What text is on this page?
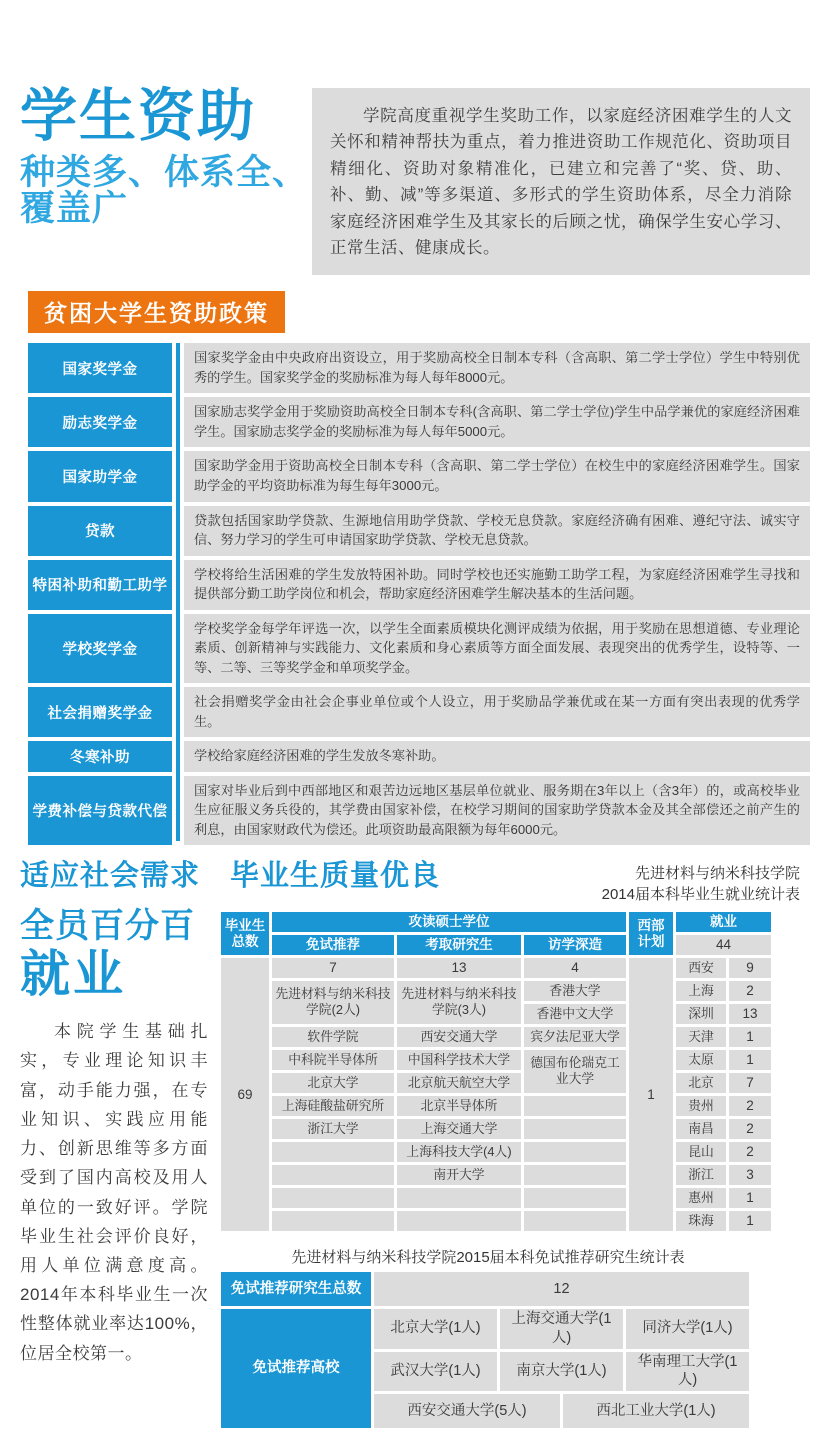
学生资助
种类多、体系全、覆盖广

学院高度重视学生奖助工作，以家庭经济困难学生的人文关怀和精神帮扶为重点，着力推进资助工作规范化、资助项目精细化、资助对象精准化，已建立和完善了“奖、贷、助、补、勤、减”等多渠道、多形式的学生资助体系，尽全力消除家庭经济困难学生及其家长的后顾之忧，确保学生安心学习、正常生活、健康成长。

贫困大学生资助政策
国家奖学金
国家奖学金由中央政府出资设立，用于奖励高校全日制本专科（含高职、第二学士学位）学生中特别优秀的学生。国家奖学金的奖励标准为每人每年8000元。
励志奖学金
国家励志奖学金用于奖励资助高校全日制本专科(含高职、第二学士学位)学生中品学兼优的家庭经济困难学生。国家励志奖学金的奖励标准为每人每年5000元。
国家助学金
国家助学金用于资助高校全日制本专科（含高职、第二学士学位）在校生中的家庭经济困难学生。国家助学金的平均资助标准为每生每年3000元。
贷款
贷款包括国家助学贷款、生源地信用助学贷款、学校无息贷款。家庭经济确有困难、遵纪守法、诚实守信、努力学习的学生可申请国家助学贷款、学校无息贷款。
特困补助和勤工助学
学校将给生活困难的学生发放特困补助。同时学校也还实施勤工助学工程，为家庭经济困难学生寻找和提供部分勤工助学岗位和机会，帮助家庭经济困难学生解决基本的生活问题。
学校奖学金
学校奖学金每学年评选一次，以学生全面素质模块化测评成绩为依据，用于奖励在思想道德、专业理论素质、创新精神与实践能力、文化素质和身心素质等方面全面发展、表现突出的优秀学生，设特等、一等、二等、三等奖学金和单项奖学金。
社会捐赠奖学金
社会捐赠奖学金由社会企事业单位或个人设立，用于奖励品学兼优或在某一方面有突出表现的优秀学生。
冬寒补助	学校给家庭经济困难的学生发放冬寒补助。
学费补偿与贷款代偿
国家对毕业后到中西部地区和艰苦边远地区基层单位就业、服务期在3年以上（含3年）的，或高校毕业生应征服义务兵役的，其学费由国家补偿，在校学习期间的国家助学贷款本金及其全部偿还之前产生的利息，由国家财政代为偿还。此项资助最高限额为每年6000元。
适应社会需求　毕业生质量优良	先进材料与纳米科技学院
2014届本科毕业生就业统计表
全员百分百
就业

本院学生基础扎实，专业理论知识丰富，动手能力强，在专业知识、实践应用能力、创新思维等多方面受到了国内高校及用人单位的一致好评。学院毕业生社会评价良好，用人单位满意度高。2014年本科毕业生一次性整体就业率达100%，位居全校第一。

毕业生总数	攻读硕士学位			西部计划	就业	
	免试推荐	考取研究生	访学深造		44	
69	7	13	4	1	西安	9
	先进材料与纳米科技学院(2人)	先进材料与纳米科技学院(3人)	香港大学		上海	2
			香港中文大学		深圳	13
	软件学院	西安交通大学	宾夕法尼亚大学		天津	1
	中科院半导体所	中国科学技术大学	德国布伦瑞克工业大学		太原	1
	北京大学	北京航天航空大学			北京	7
	上海硅酸盐研究所	北京半导体所			贵州	2
	浙江大学	上海交通大学			南昌	2
		上海科技大学(4人)			昆山	2
		南开大学			浙江	3
					惠州	1
					珠海	1
先进材料与纳米科技学院2015届本科免试推荐研究生统计表
免试推荐研究生总数	12			
免试推荐高校	北京大学(1人)	上海交通大学(1人)		同济大学(1人)
	武汉大学(1人)	南京大学(1人)		华南理工大学(1人)
	西安交通大学(5人)		西北工业大学(1人)	
